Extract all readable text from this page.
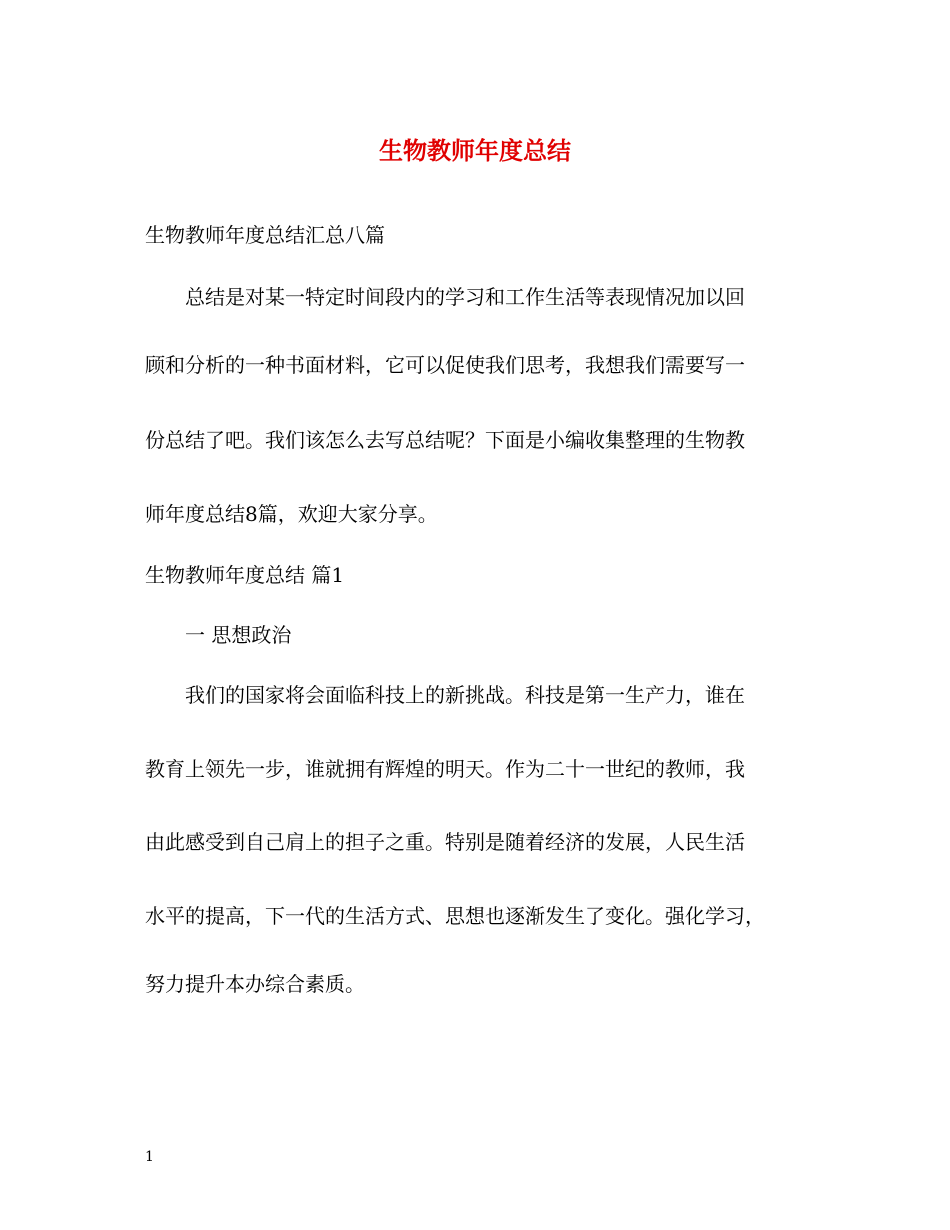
生物教师年度总结

生物教师年度总结汇总八篇

总结是对某一特定时间段内的学习和工作生活等表现情况加以回

顾和分析的一种书面材料，它可以促使我们思考，我想我们需要写一

份总结了吧。我们该怎么去写总结呢？下面是小编收集整理的生物教

师年度总结8篇，欢迎大家分享。

生物教师年度总结 篇1

一 思想政治

我们的国家将会面临科技上的新挑战。科技是第一生产力，谁在

教育上领先一步，谁就拥有辉煌的明天。作为二十一世纪的教师，我

由此感受到自己肩上的担子之重。特别是随着经济的发展，人民生活

水平的提高，下一代的生活方式、思想也逐渐发生了变化。强化学习，

努力提升本办综合素质。

1
